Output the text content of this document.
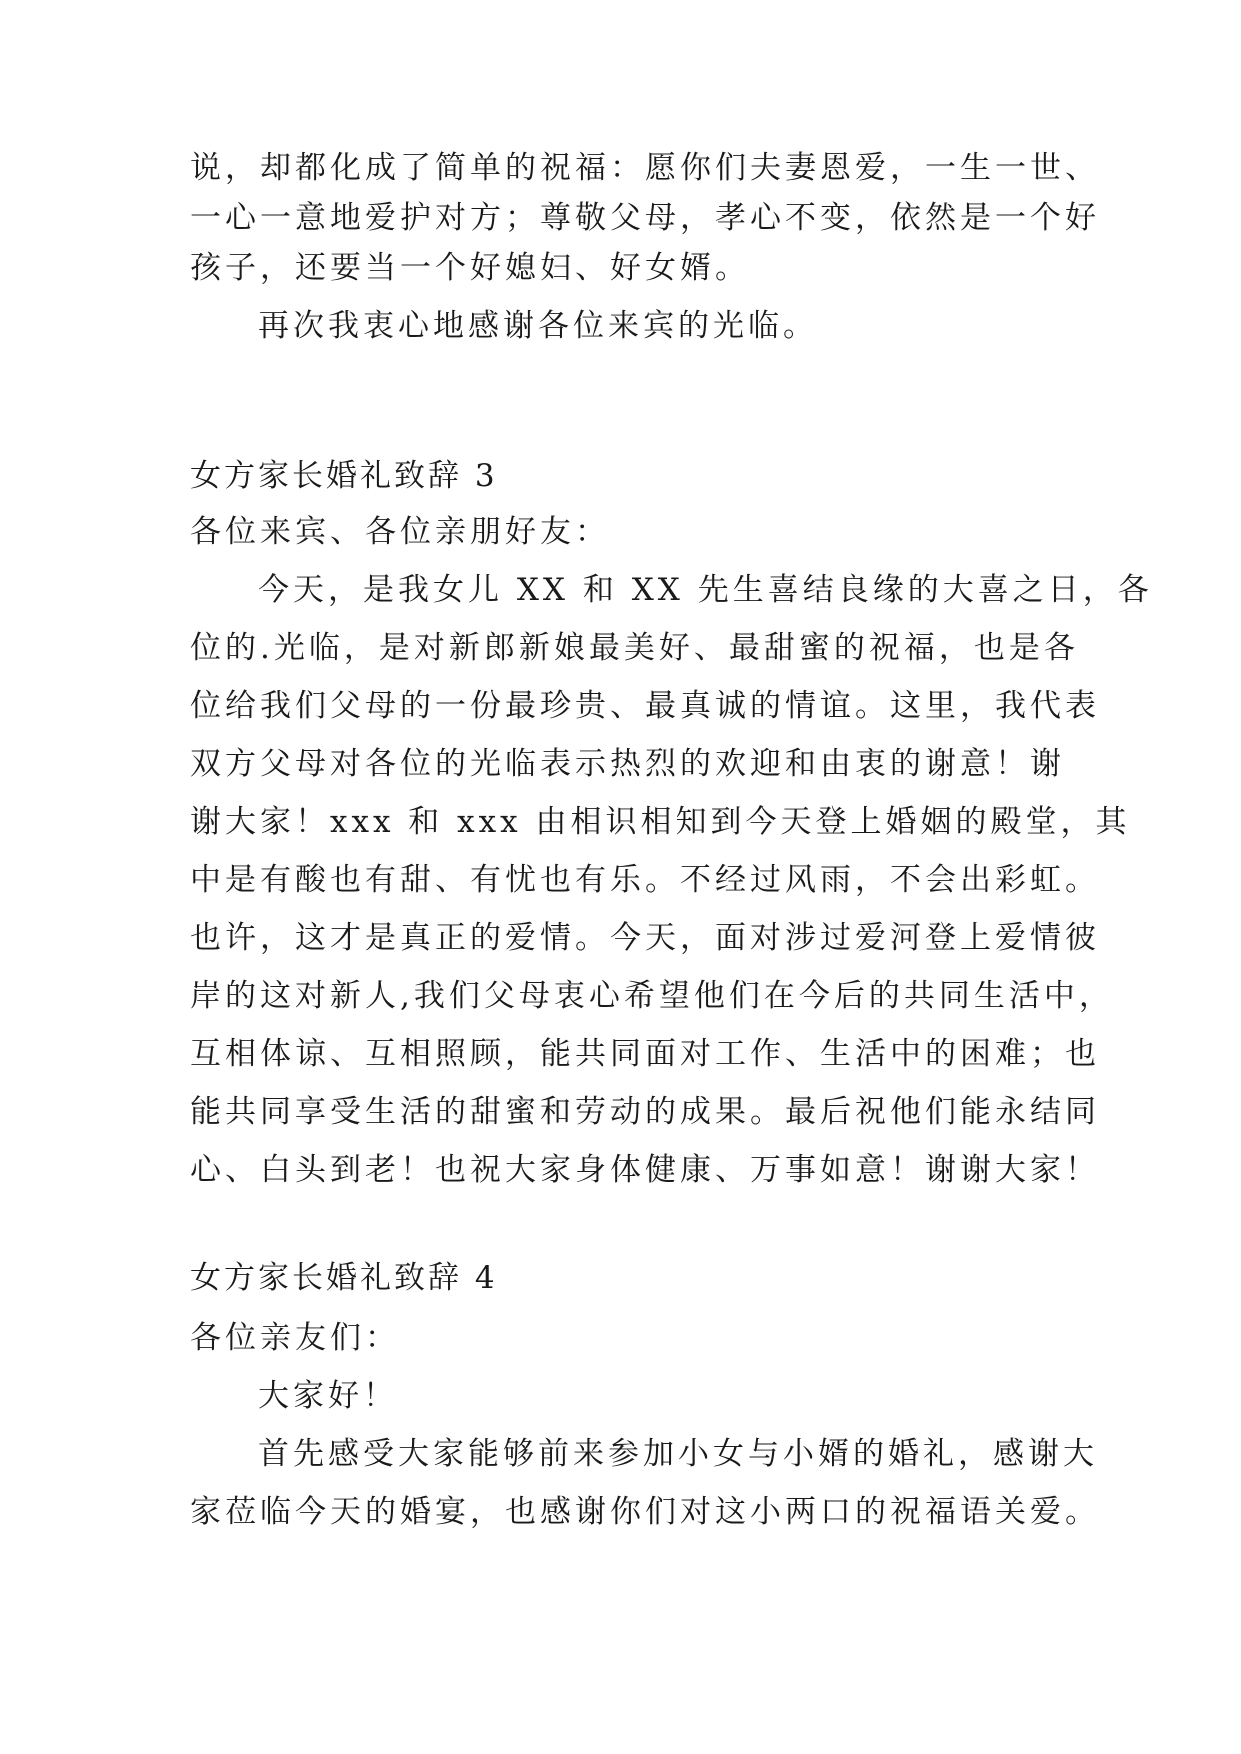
说，却都化成了简单的祝福：愿你们夫妻恩爱，一生一世、
一心一意地爱护对方；尊敬父母，孝心不变，依然是一个好
孩子，还要当一个好媳妇、好女婿。
再次我衷心地感谢各位来宾的光临。
女方家长婚礼致辞 3
各位来宾、各位亲朋好友：
今天，是我女儿 XX 和 XX 先生喜结良缘的大喜之日，各
位的.光临，是对新郎新娘最美好、最甜蜜的祝福，也是各
位给我们父母的一份最珍贵、最真诚的情谊。这里，我代表
双方父母对各位的光临表示热烈的欢迎和由衷的谢意！谢
谢大家！xxx 和 xxx 由相识相知到今天登上婚姻的殿堂，其
中是有酸也有甜、有忧也有乐。不经过风雨，不会出彩虹。
也许，这才是真正的爱情。今天，面对涉过爱河登上爱情彼
岸的这对新人,我们父母衷心希望他们在今后的共同生活中，
互相体谅、互相照顾，能共同面对工作、生活中的困难；也
能共同享受生活的甜蜜和劳动的成果。最后祝他们能永结同
心、白头到老！也祝大家身体健康、万事如意！谢谢大家！
女方家长婚礼致辞 4
各位亲友们：
大家好！
首先感受大家能够前来参加小女与小婿的婚礼，感谢大
家莅临今天的婚宴，也感谢你们对这小两口的祝福语关爱。
